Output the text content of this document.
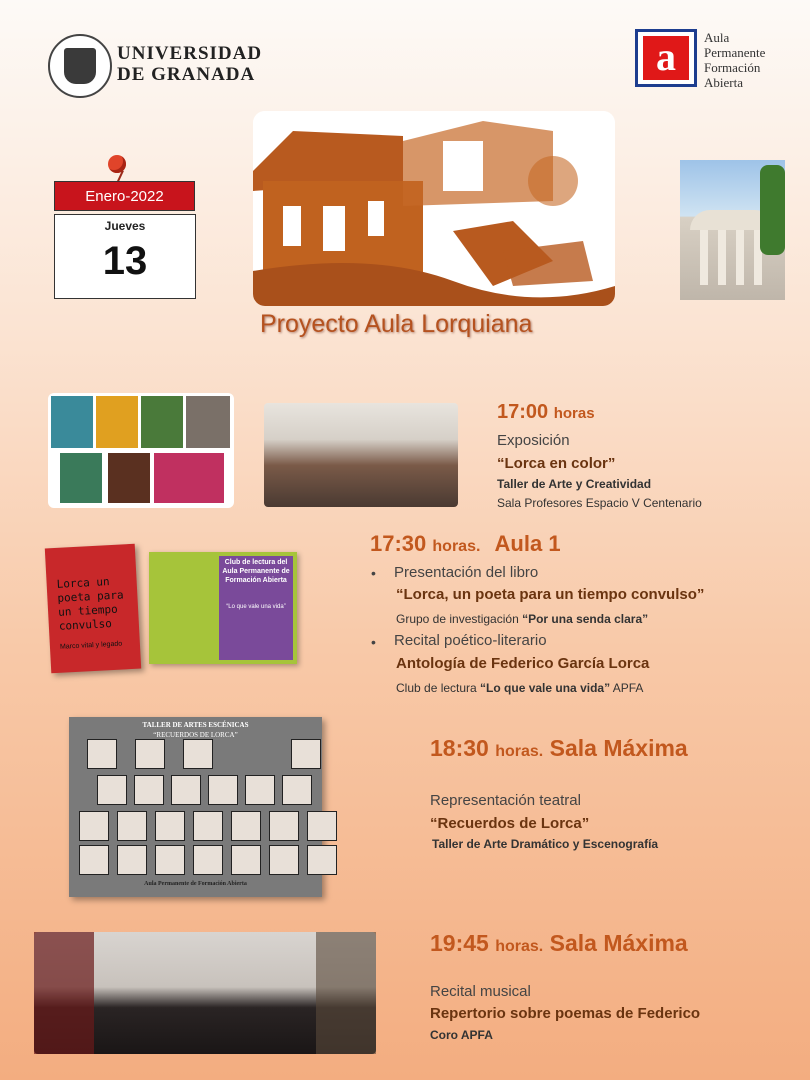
UNIVERSIDAD
DE GRANADA	a	Aula
Permanente
Formación
Abierta
Enero-2022
Jueves
13
Proyecto Aula Lorquiana
17:00 horas
Exposición
“Lorca en color”
Taller de Arte y Creatividad
Sala Profesores Espacio V Centenario
Lorca un poeta para un tiempo convulso
Marco vital y legado
Club de lectura del Aula Permanente de Formación Abierta
“Lo que vale una vida”
17:30 horas. Aula 1
• Presentación del libro
“Lorca, un poeta para un tiempo convulso”
Grupo de investigación “Por una senda clara”
• Recital poético-literario
Antología de Federico García Lorca
Club de lectura “Lo que vale una vida” APFA
TALLER DE ARTES ESCÉNICAS
“RECUERDOS DE LORCA”
Aula Permanente de Formación Abierta
18:30 horas. Sala Máxima
Representación teatral
“Recuerdos de Lorca”
Taller de Arte Dramático y Escenografía
19:45 horas. Sala Máxima
Recital musical
Repertorio sobre poemas de Federico
Coro APFA
